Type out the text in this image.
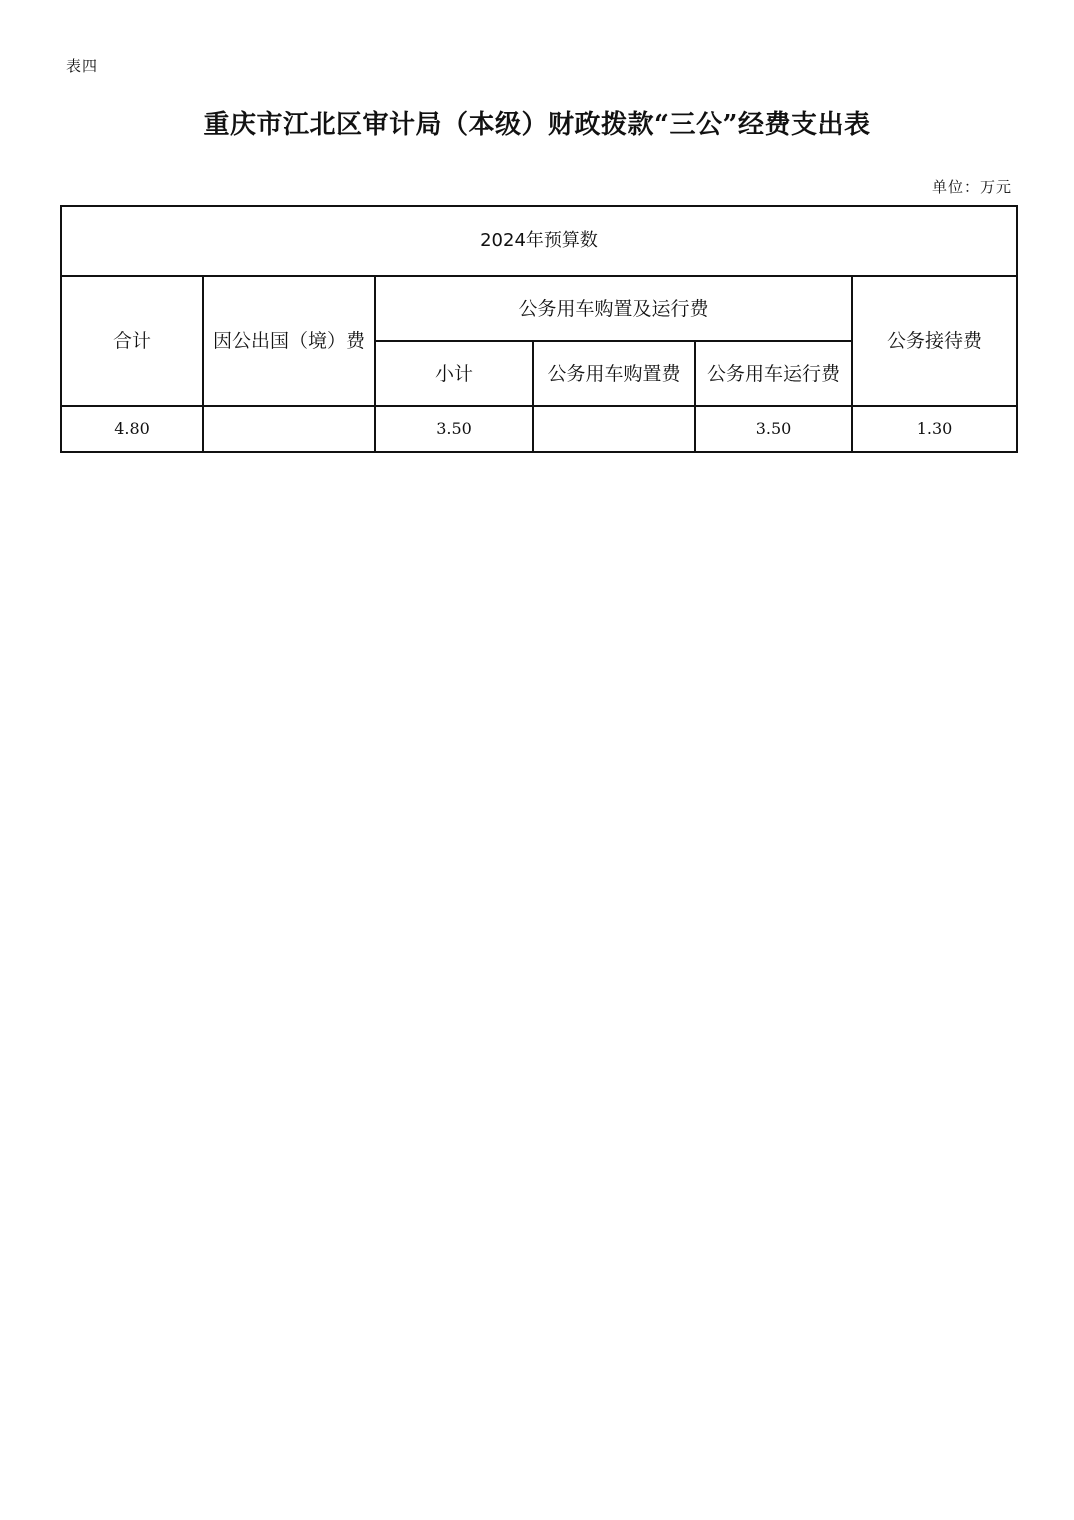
表四
重庆市江北区审计局（本级）财政拨款“三公”经费支出表
单位：万元
2024年预算数					
合计	因公出国（境）费	公务用车购置及运行费			公务接待费
		小计	公务用车购置费	公务用车运行费	
4.80		3.50		3.50	1.30
